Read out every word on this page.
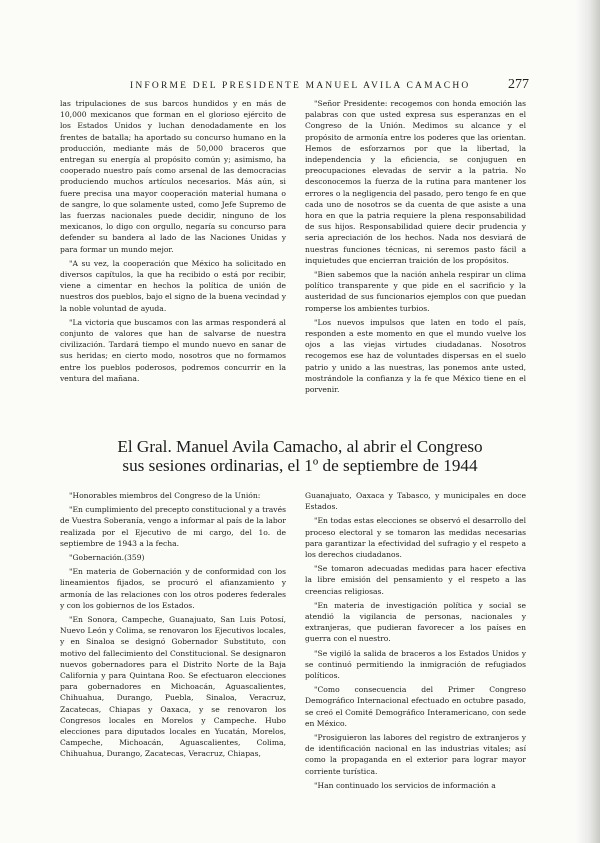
INFORME DEL PRESIDENTE MANUEL AVILA CAMACHO	277

las tripulaciones de sus barcos hundidos y en más de 10,000 mexicanos que forman en el glorioso ejército de los Estados Unidos y luchan denodadamente en los frentes de batalla; ha aportado su concurso humano en la producción, mediante más de 50,000 braceros que entregan su energía al propósito común y; asimismo, ha cooperado nuestro país como arsenal de las democracias produciendo muchos artículos necesarios. Más aún, si fuere precisa una mayor cooperación material humana o de sangre, lo que solamente usted, como Jefe Supremo de las fuerzas nacionales puede decidir, ninguno de los mexicanos, lo digo con orgullo, negaría su concurso para defender su bandera al lado de las Naciones Unidas y para formar un mundo mejor.

"A su vez, la cooperación que México ha solicitado en diversos capítulos, la que ha recibido o está por recibir, viene a cimentar en hechos la política de unión de nuestros dos pueblos, bajo el signo de la buena vecindad y la noble voluntad de ayuda.

"La victoria que buscamos con las armas responderá al conjunto de valores que han de salvarse de nuestra civilización. Tardará tiempo el mundo nuevo en sanar de sus heridas; en cierto modo, nosotros que no formamos entre los pueblos poderosos, podremos concurrir en la ventura del mañana.

"Señor Presidente: recogemos con honda emoción las palabras con que usted expresa sus esperanzas en el Congreso de la Unión. Medimos su alcance y el propósito de armonía entre los poderes que las orientan. Hemos de esforzarnos por que la libertad, la independencia y la eficiencia, se conjuguen en preocupaciones elevadas de servir a la patria. No desconocemos la fuerza de la rutina para mantener los errores o la negligencia del pasado, pero tengo fe en que cada uno de nosotros se da cuenta de que asiste a una hora en que la patria requiere la plena responsabilidad de sus hijos. Responsabilidad quiere decir prudencia y seria apreciación de los hechos. Nada nos desviará de nuestras funciones técnicas, ni seremos pasto fácil a inquietudes que encierran traición de los propósitos.

"Bien sabemos que la nación anhela respirar un clima político transparente y que pide en el sacrificio y la austeridad de sus funcionarios ejemplos con que puedan romperse los ambientes turbios.

"Los nuevos impulsos que laten en todo el país, responden a este momento en que el mundo vuelve los ojos a las viejas virtudes ciudadanas. Nosotros recogemos ese haz de voluntades dispersas en el suelo patrio y unido a las nuestras, las ponemos ante usted, mostrándole la confianza y la fe que México tiene en el porvenir.

El Gral. Manuel Avila Camacho, al abrir el Congreso
sus sesiones ordinarias, el 1º de septiembre de 1944

"Honorables miembros del Congreso de la Unión:

"En cumplimiento del precepto constitucional y a través de Vuestra Soberanía, vengo a informar al país de la labor realizada por el Ejecutivo de mi cargo, del 1o. de septiembre de 1943 a la fecha.

"Gobernación.(359)

"En materia de Gobernación y de conformidad con los lineamientos fijados, se procuró el afianzamiento y armonía de las relaciones con los otros poderes federales y con los gobiernos de los Estados.

"En Sonora, Campeche, Guanajuato, San Luis Potosí, Nuevo León y Colima, se renovaron los Ejecutivos locales, y en Sinaloa se designó Gobernador Substituto, con motivo del fallecimiento del Constitucional. Se designaron nuevos gobernadores para el Distrito Norte de la Baja California y para Quintana Roo. Se efectuaron elecciones para gobernadores en Michoacán, Aguascalientes, Chihuahua, Durango, Puebla, Sinaloa, Veracruz, Zacatecas, Chiapas y Oaxaca, y se renovaron los Congresos locales en Morelos y Campeche. Hubo elecciones para diputados locales en Yucatán, Morelos, Campeche, Michoacán, Aguascalientes, Colima, Chihuahua, Durango, Zacatecas, Veracruz, Chiapas,

Guanajuato, Oaxaca y Tabasco, y municipales en doce Estados.

"En todas estas elecciones se observó el desarrollo del proceso electoral y se tomaron las medidas necesarias para garantizar la efectividad del sufragio y el respeto a los derechos ciudadanos.

"Se tomaron adecuadas medidas para hacer efectiva la libre emisión del pensamiento y el respeto a las creencias religiosas.

"En materia de investigación política y social se atendió la vigilancia de personas, nacionales y extranjeras, que pudieran favorecer a los países en guerra con el nuestro.

"Se vigiló la salida de braceros a los Estados Unidos y se continuó permitiendo la inmigración de refugiados políticos.

"Como consecuencia del Primer Congreso Demográfico Internacional efectuado en octubre pasado, se creó el Comité Demográfico Interamericano, con sede en México.

"Prosiguieron las labores del registro de extranjeros y de identificación nacional en las industrias vitales; así como la propaganda en el exterior para lograr mayor corriente turística.

"Han continuado los servicios de información a
